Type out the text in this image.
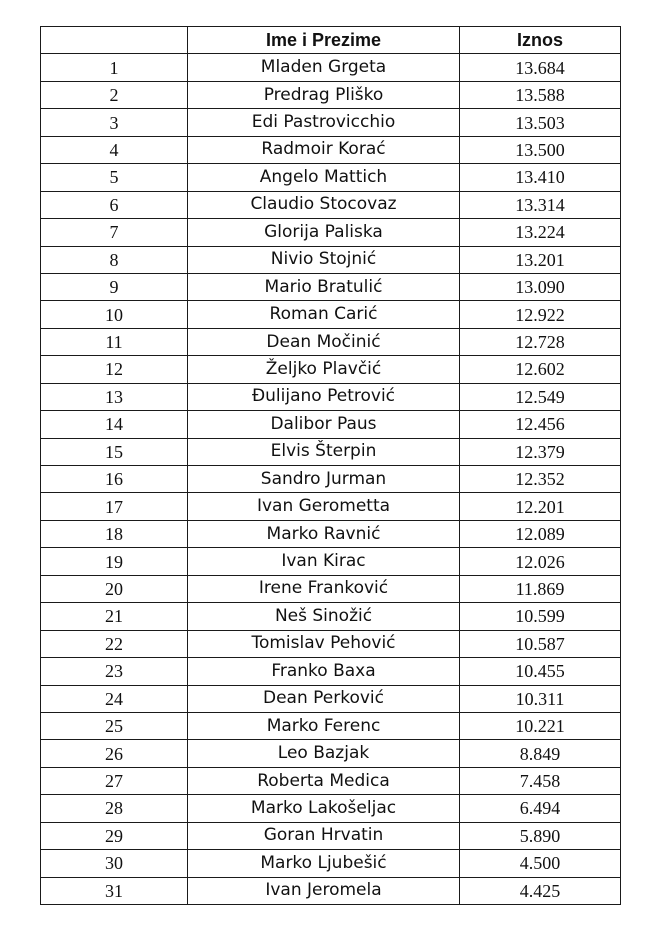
	Ime i Prezime	Iznos
1	Mladen Grgeta	13.684
2	Predrag Pliško	13.588
3	Edi Pastrovicchio	13.503
4	Radmoir Korać	13.500
5	Angelo Mattich	13.410
6	Claudio Stocovaz	13.314
7	Glorija Paliska	13.224
8	Nivio Stojnić	13.201
9	Mario Bratulić	13.090
10	Roman Carić	12.922
11	Dean Močinić	12.728
12	Željko Plavčić	12.602
13	Đulijano Petrović	12.549
14	Dalibor Paus	12.456
15	Elvis Šterpin	12.379
16	Sandro Jurman	12.352
17	Ivan Gerometta	12.201
18	Marko Ravnić	12.089
19	Ivan Kirac	12.026
20	Irene Franković	11.869
21	Neš Sinožić	10.599
22	Tomislav Pehović	10.587
23	Franko Baxa	10.455
24	Dean Perković	10.311
25	Marko Ferenc	10.221
26	Leo Bazjak	8.849
27	Roberta Medica	7.458
28	Marko Lakošeljac	6.494
29	Goran Hrvatin	5.890
30	Marko Ljubešić	4.500
31	Ivan Jeromela	4.425
